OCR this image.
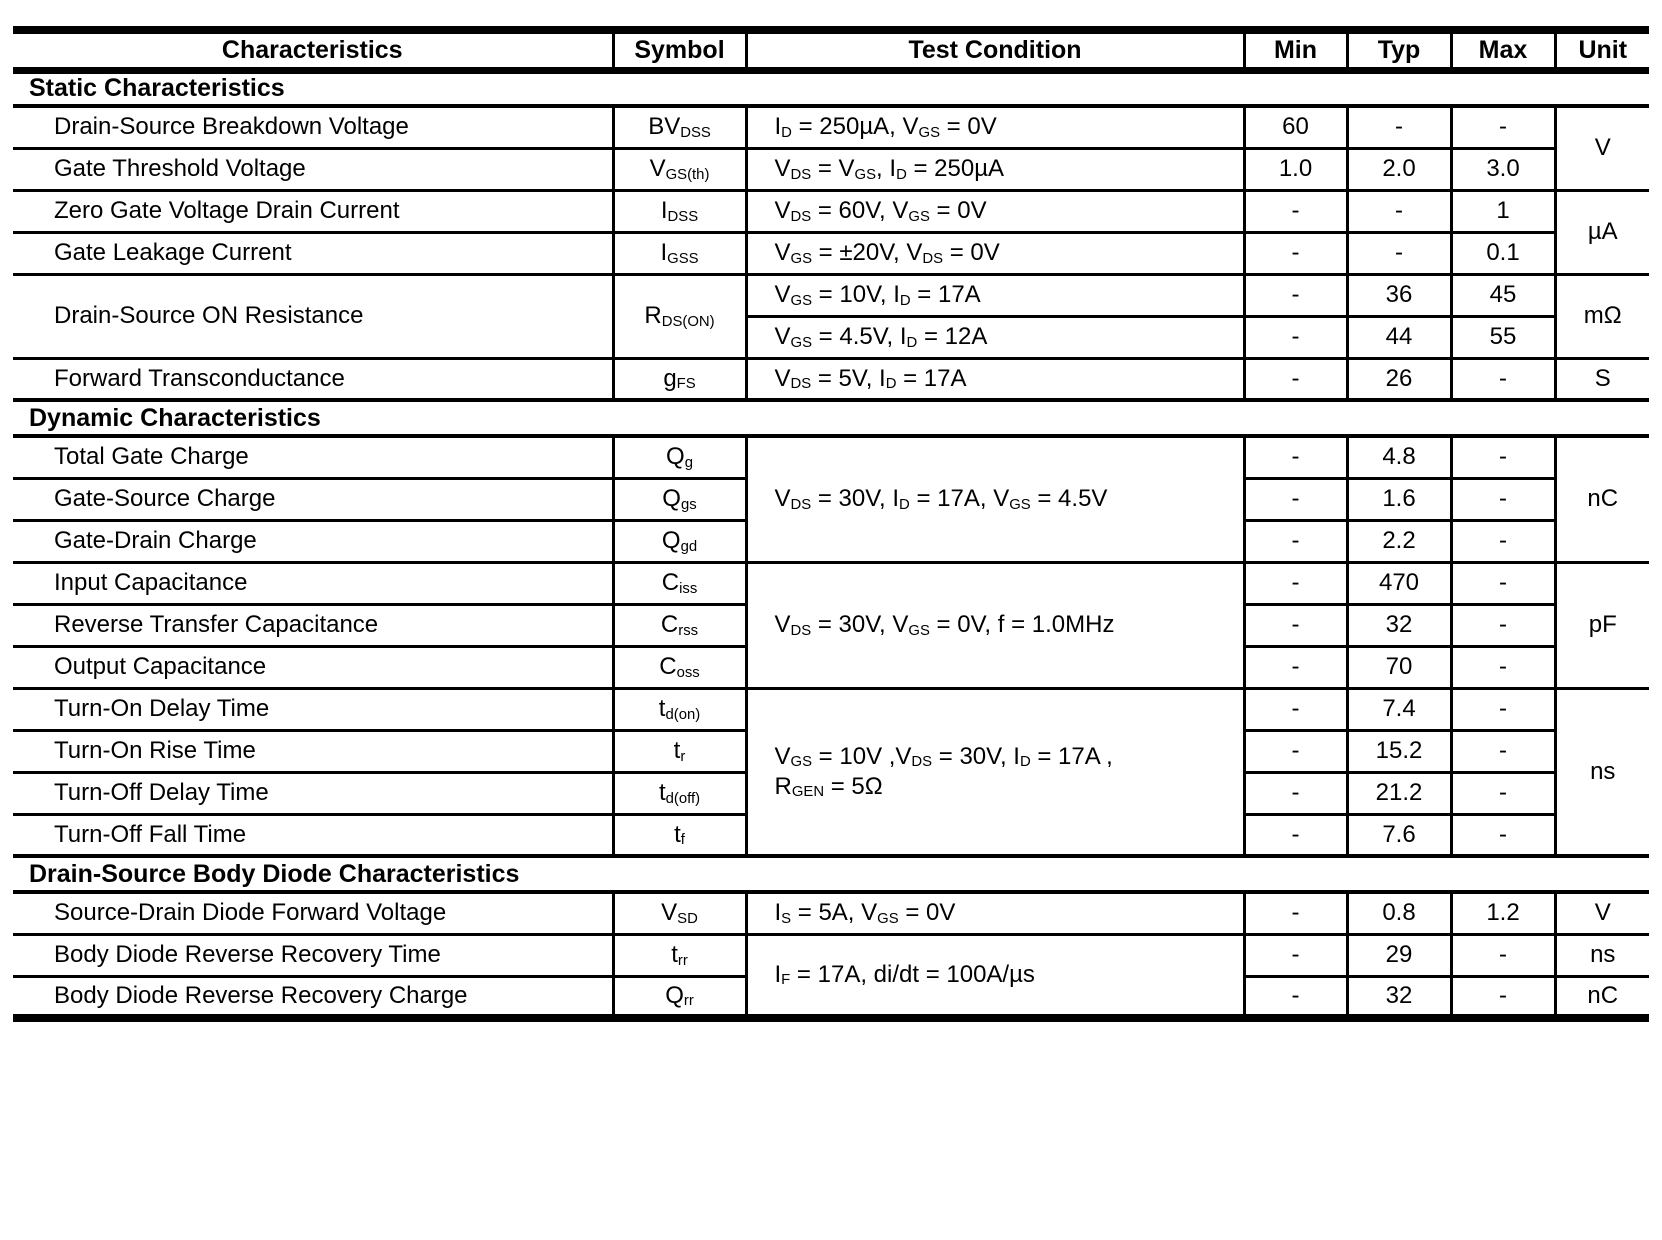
Characteristics	Symbol	Test Condition	Min	Typ	Max	Unit
Static Characteristics						
Drain-Source Breakdown Voltage	$BV_{DSS}$	$I_D = 250\mu A$, $V_{GS} = 0V$	60	-	-	V
Gate Threshold Voltage	$V_{GS(th)}$	$V_{DS} = V_{GS}$, $I_D = 250\mu A$	1.0	2.0	3.0	
Zero Gate Voltage Drain Current	$I_{DSS}$	$V_{DS} = 60V$, $V_{GS} = 0V$	-	-	1	µA
Gate Leakage Current	$I_{GSS}$	$V_{GS} = \pm 20V$, $V_{DS} = 0V$	-	-	0.1	
Drain-Source ON Resistance	$R_{DS(ON)}$	$V_{GS} = 10V$, $I_D = 17A$	-	36	45	mΩ
		$V_{GS} = 4.5V$, $I_D = 12A$	-	44	55	
Forward Transconductance	$g_{FS}$	$V_{DS} = 5V$, $I_D = 17A$	-	26	-	S
Dynamic Characteristics						
Total Gate Charge	$Q_g$	$V_{DS} = 30V$, $I_D = 17A$, $V_{GS} = 4.5V$	-	4.8	-	nC
Gate-Source Charge	$Q_{gs}$		-	1.6	-	
Gate-Drain Charge	$Q_{gd}$		-	2.2	-	
Input Capacitance	$C_{iss}$	$V_{DS} = 30V$, $V_{GS} = 0V$, f = 1.0MHz	-	470	-	pF
Reverse Transfer Capacitance	$C_{rss}$		-	32	-	
Output Capacitance	$C_{oss}$		-	70	-	
Turn-On Delay Time	$t_{d(on)}$	$V_{GS} = 10V$ $,V_{DS} = 30V$, $I_D = 17A$ ,
$R_{GEN} = 5\Omega$	-	7.4	-	ns
Turn-On Rise Time	$t_r$		-	15.2	-	
Turn-Off Delay Time	$t_{d(off)}$		-	21.2	-	
Turn-Off Fall Time	$t_f$		-	7.6	-	
Drain-Source Body Diode Characteristics						
Source-Drain Diode Forward Voltage	$V_{SD}$	$I_S = 5A$, $V_{GS} = 0V$	-	0.8	1.2	V
Body Diode Reverse Recovery Time	$t_{rr}$	$I_F = 17A$, di/dt = 100A/µs	-	29	-	ns
Body Diode Reverse Recovery Charge	$Q_{rr}$		-	32	-	nC
